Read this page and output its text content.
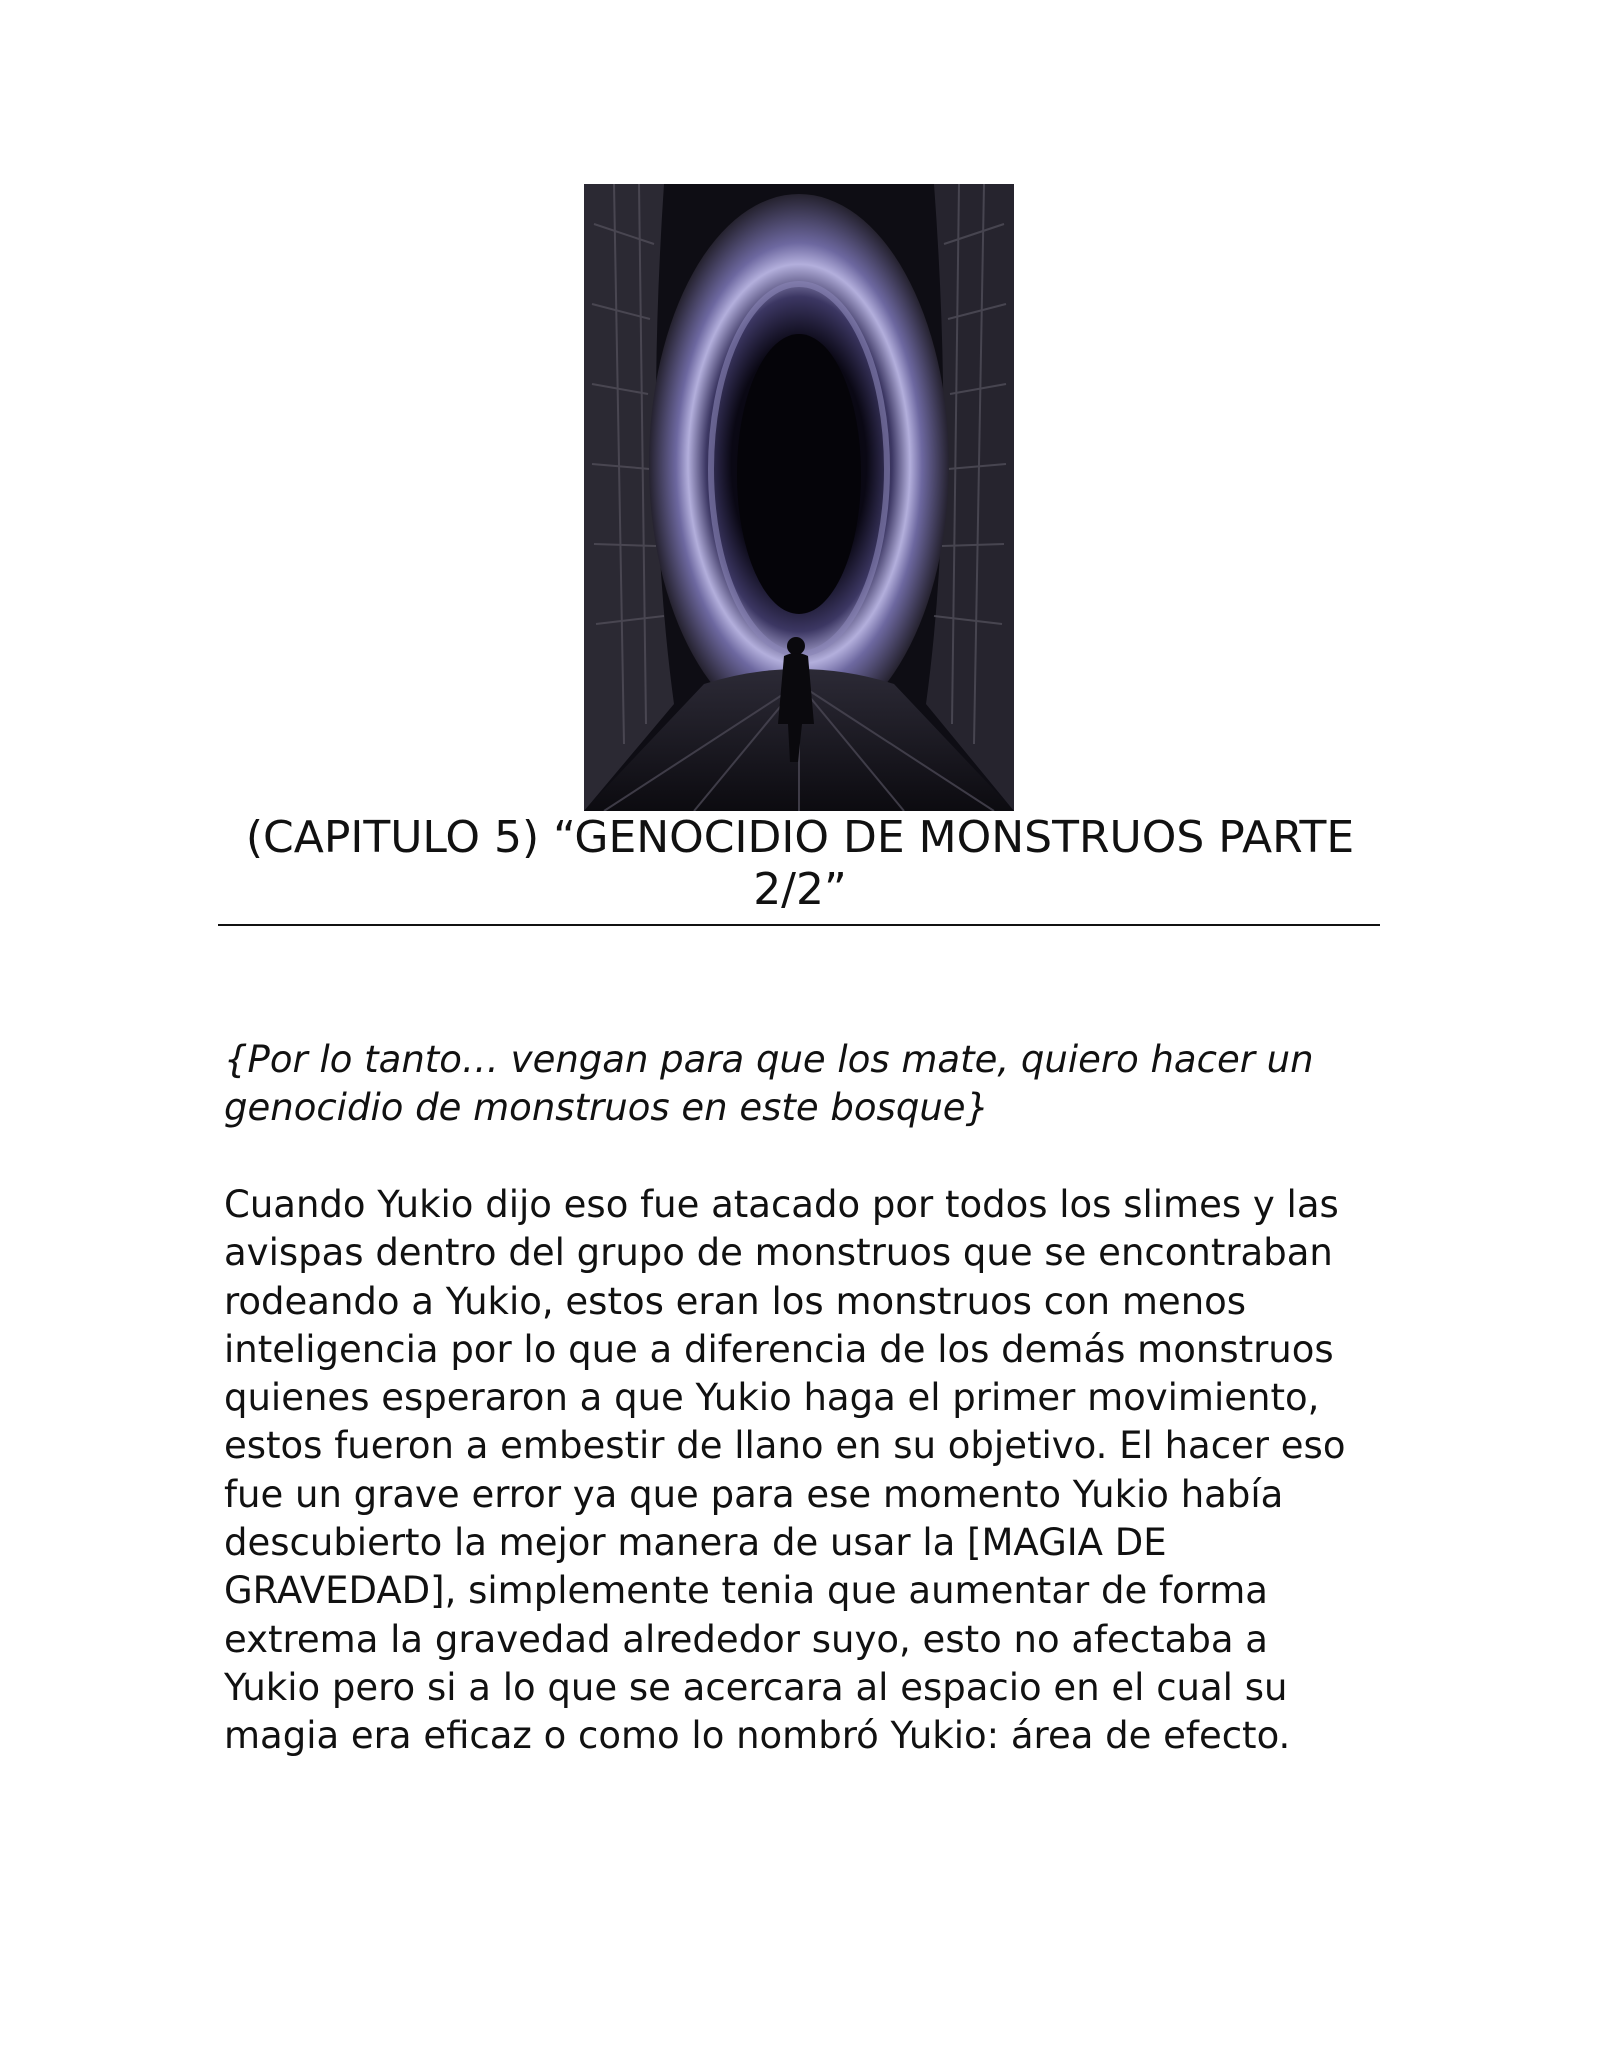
(CAPITULO 5) “GENOCIDIO DE MONSTRUOS PARTE
2/2”

{Por lo tanto… vengan para que los mate, quiero hacer un
genocidio de monstruos en este bosque}

Cuando Yukio dijo eso fue atacado por todos los slimes y las
avispas dentro del grupo de monstruos que se encontraban
rodeando a Yukio, estos eran los monstruos con menos
inteligencia por lo que a diferencia de los demás monstruos
quienes esperaron a que Yukio haga el primer movimiento,
estos fueron a embestir de llano en su objetivo. El hacer eso
fue un grave error ya que para ese momento Yukio había
descubierto la mejor manera de usar la [MAGIA DE
GRAVEDAD], simplemente tenia que aumentar de forma
extrema la gravedad alrededor suyo, esto no afectaba a
Yukio pero si a lo que se acercara al espacio en el cual su
magia era eficaz o como lo nombró Yukio: área de efecto.
